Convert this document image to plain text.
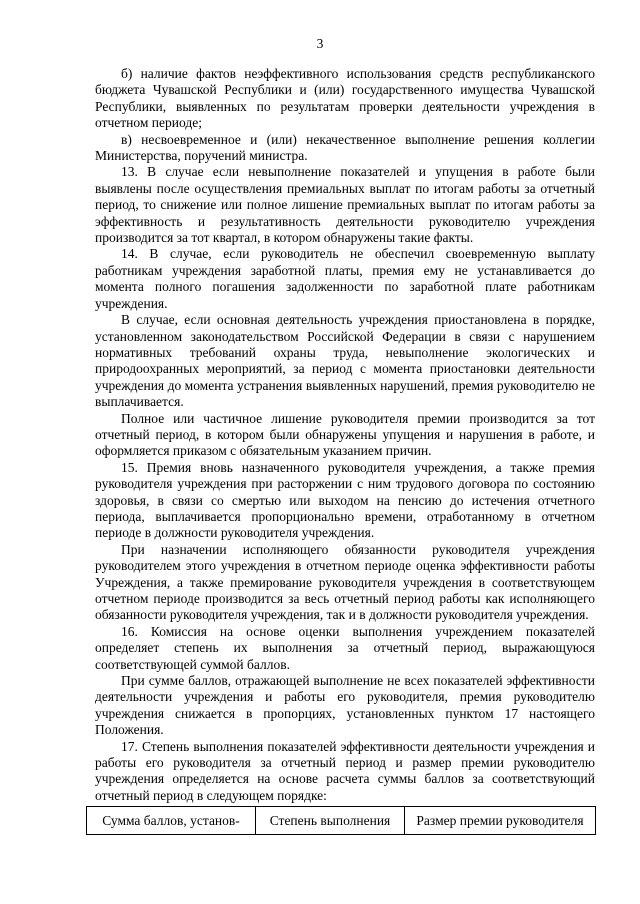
3

б) наличие фактов неэффективного использования средств республиканского бюджета Чувашской Республики и (или) государственного имущества Чувашской Республики, выявленных по результатам проверки деятельности учреждения в отчетном периоде;

в) несвоевременное и (или) некачественное выполнение решения коллегии Министерства, поручений министра.

13. В случае если невыполнение показателей и упущения в работе были выявлены после осуществления премиальных выплат по итогам работы за отчетный период, то снижение или полное лишение премиальных выплат по итогам работы за эффективность и результативность деятельности руководителю учреждения производится за тот квартал, в котором обнаружены такие факты.

14. В случае, если руководитель не обеспечил своевременную выплату работникам учреждения заработной платы, премия ему не устанавливается до момента полного погашения задолженности по заработной плате работникам учреждения.

В случае, если основная деятельность учреждения приостановлена в порядке, установленном законодательством Российской Федерации в связи с нарушением нормативных требований охраны труда, невыполнение экологических и природоохранных мероприятий, за период с момента приостановки деятельности учреждения до момента устранения выявленных нарушений, премия руководителю не выплачивается.

Полное или частичное лишение руководителя премии производится за тот отчетный период, в котором были обнаружены упущения и нарушения в работе, и оформляется приказом с обязательным указанием причин.

15. Премия вновь назначенного руководителя учреждения, а также премия руководителя учреждения при расторжении с ним трудового договора по состоянию здоровья, в связи со смертью или выходом на пенсию до истечения отчетного периода, выплачивается пропорционально времени, отработанному в отчетном периоде в должности руководителя учреждения.

При назначении исполняющего обязанности руководителя учреждения руководителем этого учреждения в отчетном периоде оценка эффективности работы Учреждения, а также премирование руководителя учреждения в соответствующем отчетном периоде производится за весь отчетный период работы как исполняющего обязанности руководителя учреждения, так и в должности руководителя учреждения.

16. Комиссия на основе оценки выполнения учреждением показателей определяет степень их выполнения за отчетный период, выражающуюся соответствующей суммой баллов.

При сумме баллов, отражающей выполнение не всех показателей эффективности деятельности учреждения и работы его руководителя, премия руководителю учреждения снижается в пропорциях, установленных пунктом 17 настоящего Положения.

17. Степень выполнения показателей эффективности деятельности учреждения и работы его руководителя за отчетный период и размер премии руководителю учреждения определяется на основе расчета суммы баллов за соответствующий отчетный период в следующем порядке:

Сумма баллов, установ-	Степень выполнения	Размер премии руководителя
